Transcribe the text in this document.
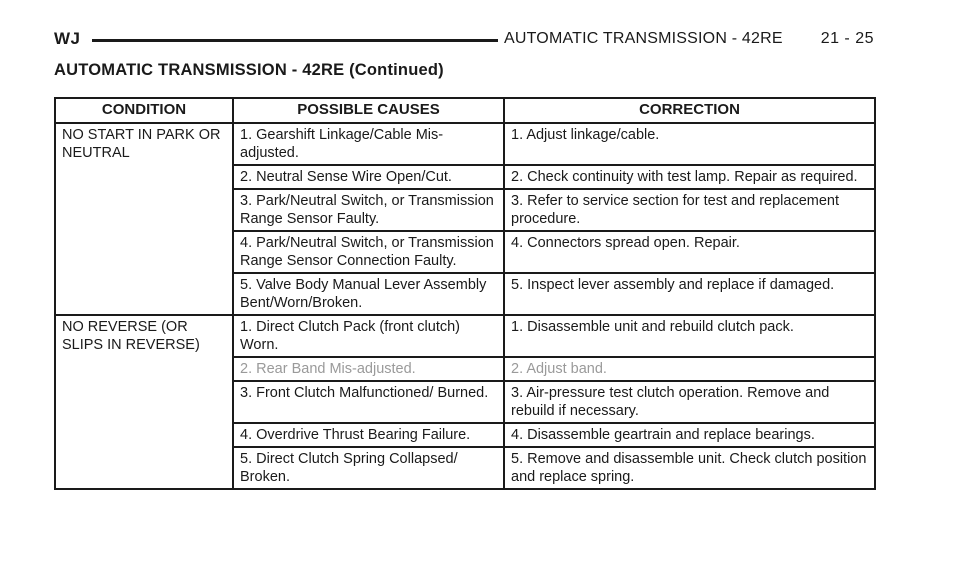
WJ	AUTOMATIC TRANSMISSION - 42RE 21 - 25
AUTOMATIC TRANSMISSION - 42RE (Continued)
CONDITION	POSSIBLE CAUSES	CORRECTION
NO START IN PARK OR NEUTRAL	1. Gearshift Linkage/Cable Mis-adjusted.	1. Adjust linkage/cable.
	2. Neutral Sense Wire Open/Cut.	2. Check continuity with test lamp. Repair as required.
	3. Park/Neutral Switch, or Transmission Range Sensor Faulty.	3. Refer to service section for test and replacement procedure.
	4. Park/Neutral Switch, or Transmission Range Sensor Connection Faulty.	4. Connectors spread open. Repair.
	5. Valve Body Manual Lever Assembly Bent/Worn/Broken.	5. Inspect lever assembly and replace if damaged.
NO REVERSE (OR SLIPS IN REVERSE)	1. Direct Clutch Pack (front clutch) Worn.	1. Disassemble unit and rebuild clutch pack.
	2. Rear Band Mis-adjusted.	2. Adjust band.
	3. Front Clutch Malfunctioned/ Burned.	3. Air-pressure test clutch operation. Remove and rebuild if necessary.
	4. Overdrive Thrust Bearing Failure.	4. Disassemble geartrain and replace bearings.
	5. Direct Clutch Spring Collapsed/ Broken.	5. Remove and disassemble unit. Check clutch position and replace spring.
